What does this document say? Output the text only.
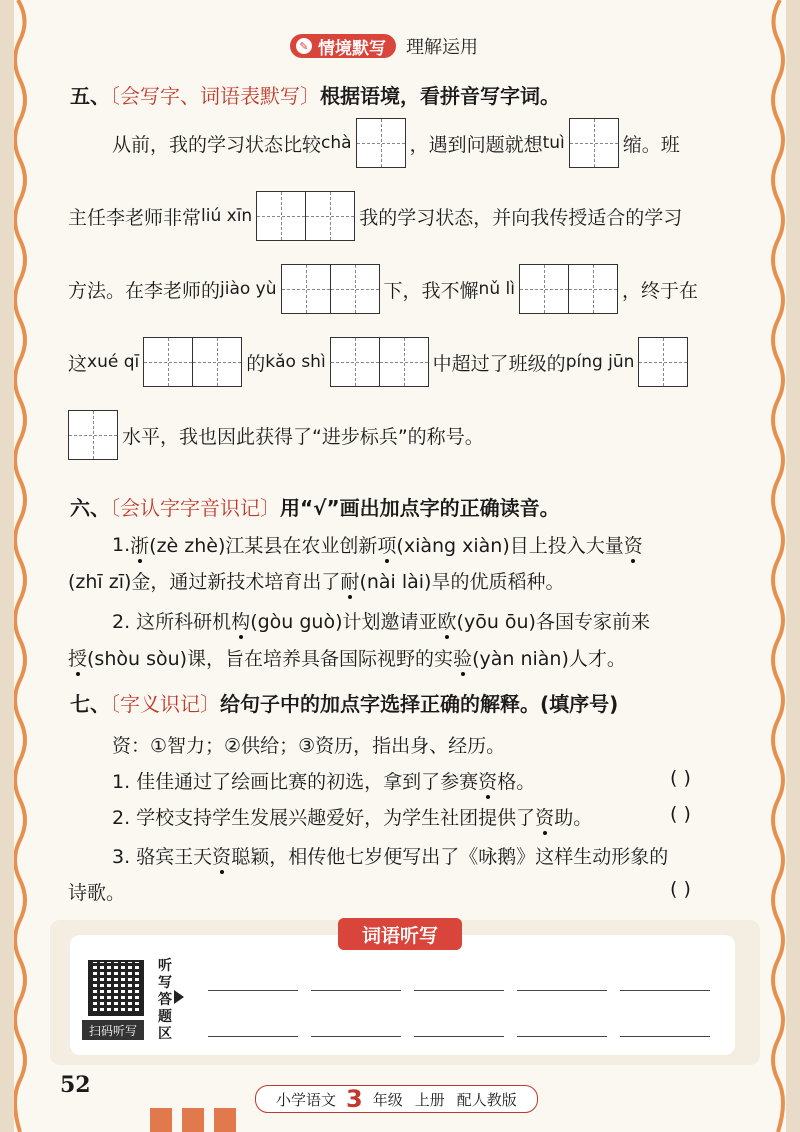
✎ 情境默写 理解运用
五、〔会写字、词语表默写〕根据语境，看拼音写字词。
从前，我的学习状态比较 chà	，遇到问题就想 tuì	缩。班
主任李老师非常 liú xīn	我的学习状态，并向我传授适合的学习
方法。在李老师的 jiào yù	下，我不懈 nǔ lì	，终于在
这 xué qī	的 kǎo shì	中超过了班级的 píng jūn
水平，我也因此获得了“进步标兵”的称号。
六、〔会认字字音识记〕用“√”画出加点字的正确读音。
1. 浙 (zè zhè)江某县在农业创新 项 (xiàng xiàn)目上投入大量 资
(zhī zī)金，通过新技术培育出了 耐 (nài lài)旱的优质稻种。
2. 这所科研机 构 (gòu guò)计划邀请亚 欧 (yōu ōu)各国专家前来
授 (shòu sòu)课，旨在培养具备国际视野的实 验 (yàn niàn)人才。
七、〔字义识记〕给句子中的加点字选择正确的解释。(填序号)
资：①智力；②供给；③资历，指出身、经历。
1. 佳佳通过了绘画比赛的初选，拿到了参赛 资 格。	( )
2. 学校支持学生发展兴趣爱好，为学生社团提供了 资 助。	( )
3. 骆宾王天 资 聪颖，相传他七岁便写出了《咏鹅》这样生动形象的
诗歌。	( )
词语听写
扫码听写
听写答题区
52
小学语文 3 年级 上册 配人教版
